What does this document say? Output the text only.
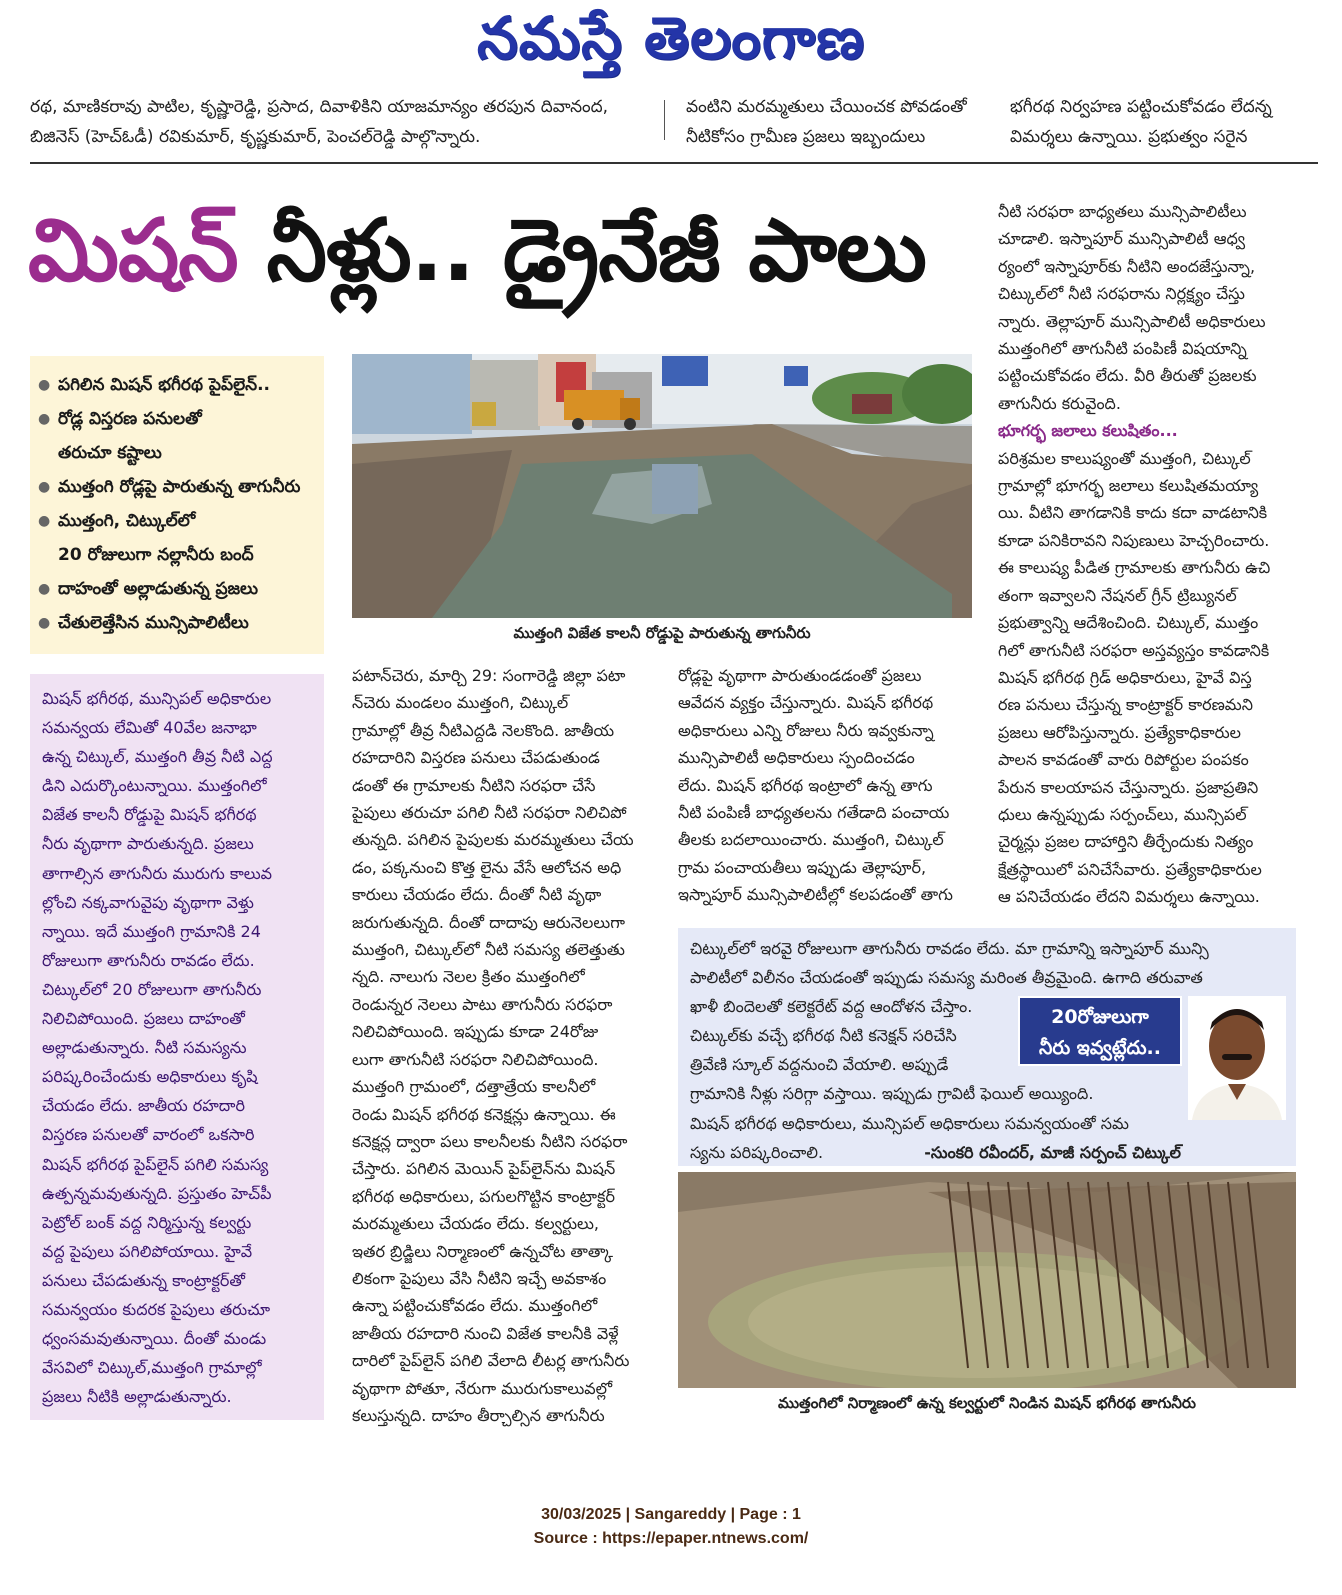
నమస్తే తెలంగాణ
రథ, మాణికరావు పాటిల, కృష్ణారెడ్డి, ప్రసాద, దివాళికిని యాజమాన్యం తరపున దివానంద,
బిజినెస్ (హెచ్ఓడీ) రవికుమార్, కృష్ణకుమార్, పెంచల్‌రెడ్డి పాల్గొన్నారు.
వంటిని మరమ్మతులు చేయించక పోవడంతో
నీటికోసం గ్రామీణ ప్రజలు ఇబ్బందులు
భగీరథ నిర్వహణ పట్టించుకోవడం లేదన్న
విమర్శలు ఉన్నాయి. ప్రభుత్వం సరైన
మిషన్ నీళ్లు.. డ్రైనేజీ పాలు
● పగిలిన మిషన్ భగీరథ పైప్‌లైన్..
● రోడ్ల విస్తరణ పనులతో
తరుచూ కష్టాలు
● ముత్తంగి రోడ్లపై పారుతున్న తాగునీరు
● ముత్తంగి, చిట్కుల్‌లో
20 రోజులుగా నల్లానీరు బంద్
● దాహంతో అల్లాడుతున్న ప్రజలు
● చేతులెత్తేసిన మున్సిపాలిటీలు	ముత్తంగి విజేత కాలనీ రోడ్డుపై పారుతున్న తాగునీరు
మిషన్ భగీరథ, మున్సిపల్ అధికారుల
సమన్వయ లేమితో 40వేల జనాభా
ఉన్న చిట్కుల్, ముత్తంగి తీవ్ర నీటి ఎద్ద
డిని ఎదుర్కొంటున్నాయి. ముత్తంగిలో
విజేత కాలనీ రోడ్డుపై మిషన్ భగీరథ
నీరు వృథాగా పారుతున్నది. ప్రజలు
తాగాల్సిన తాగునీరు మురుగు కాలువ
ల్లోంచి నక్కవాగువైపు వృథాగా వెళ్తు
న్నాయి. ఇదే ముత్తంగి గ్రామానికి 24
రోజులుగా తాగునీరు రావడం లేదు.
చిట్కుల్‌లో 20 రోజులుగా తాగునీరు
నిలిచిపోయింది. ప్రజలు దాహంతో
అల్లాడుతున్నారు. నీటి సమస్యను
పరిష్కరించేందుకు అధికారులు కృషి
చేయడం లేదు. జాతీయ రహదారి
విస్తరణ పనులతో వారంలో ఒకసారి
మిషన్ భగీరథ పైప్‌లైన్ పగిలి సమస్య
ఉత్పన్నమవుతున్నది. ప్రస్తుతం హెచ్‌పీ
పెట్రోల్ బంక్ వద్ద నిర్మిస్తున్న కల్వర్టు
వద్ద పైపులు పగిలిపోయాయి. హైవే
పనులు చేపడుతున్న కాంట్రాక్టర్‌తో
సమన్వయం కుదరక పైపులు తరుచూ
ధ్వంసమవుతున్నాయి. దీంతో మండు
వేసవిలో చిట్కుల్,ముత్తంగి గ్రామాల్లో
ప్రజలు నీటికి అల్లాడుతున్నారు.
పటాన్‌చెరు, మార్చి 29: సంగారెడ్డి జిల్లా పటా
న్‌చెరు మండలం ముత్తంగి, చిట్కుల్
గ్రామాల్లో తీవ్ర నీటిఎద్దడి నెలకొంది. జాతీయ
రహదారిని విస్తరణ పనులు చేపడుతుండ
డంతో ఈ గ్రామాలకు నీటిని సరఫరా చేసే
పైపులు తరుచూ పగిలి నీటి సరఫరా నిలిచిపో
తున్నది. పగిలిన పైపులకు మరమ్మతులు చేయ
డం, పక్కనుంచి కొత్త లైను వేసే ఆలోచన అధి
కారులు చేయడం లేదు. దీంతో నీటి వృథా
జరుగుతున్నది. దీంతో దాదాపు ఆరునెలలుగా
ముత్తంగి, చిట్కుల్‌లో నీటి సమస్య తలెత్తుతు
న్నది. నాలుగు నెలల క్రితం ముత్తంగిలో
రెండున్నర నెలలు పాటు తాగునీరు సరఫరా
నిలిచిపోయింది. ఇప్పుడు కూడా 24రోజు
లుగా తాగునీటి సరఫరా నిలిచిపోయింది.
ముత్తంగి గ్రామంలో, దత్తాత్రేయ కాలనీలో
రెండు మిషన్ భగీరథ కనెక్షన్లు ఉన్నాయి. ఈ
కనెక్షన్ల ద్వారా పలు కాలనీలకు నీటిని సరఫరా
చేస్తారు. పగిలిన మెయిన్ పైప్‌లైన్‌ను మిషన్
భగీరథ అధికారులు, పగులగొట్టిన కాంట్రాక్టర్
మరమ్మతులు చేయడం లేదు. కల్వర్టులు,
ఇతర బ్రిడ్జిలు నిర్మాణంలో ఉన్నచోట తాత్కా
లికంగా పైపులు వేసి నీటిని ఇచ్చే అవకాశం
ఉన్నా పట్టించుకోవడం లేదు. ముత్తంగిలో
జాతీయ రహదారి నుంచి విజేత కాలనీకి వెళ్లే
దారిలో పైప్‌లైన్ పగిలి వేలాది లీటర్ల తాగునీరు
వృథాగా పోతూ, నేరుగా మురుగుకాలువల్లో
కలుస్తున్నది. దాహం తీర్చాల్సిన తాగునీరు
రోడ్లపై వృథాగా పారుతుండడంతో ప్రజలు
ఆవేదన వ్యక్తం చేస్తున్నారు. మిషన్ భగీరథ
అధికారులు ఎన్ని రోజులు నీరు ఇవ్వకున్నా
మున్సిపాలిటీ అధికారులు స్పందించడం
లేదు. మిషన్ భగీరథ ఇంట్రాలో ఉన్న తాగు
నీటి పంపిణీ బాధ్యతలను గతేడాది పంచాయ
తీలకు బదలాయించారు. ముత్తంగి, చిట్కుల్
గ్రామ పంచాయతీలు ఇప్పుడు తెల్లాపూర్,
ఇస్నాపూర్ మున్సిపాలిటీల్లో కలపడంతో తాగు
నీటి సరఫరా బాధ్యతలు మున్సిపాలిటీలు
చూడాలి. ఇస్నాపూర్ మున్సిపాలిటీ ఆధ్వ
ర్యంలో ఇస్నాపూర్‌కు నీటిని అందజేస్తున్నా,
చిట్కుల్‌లో నీటి సరఫరాను నిర్లక్ష్యం చేస్తు
న్నారు. తెల్లాపూర్ మున్సిపాలిటీ అధికారులు
ముత్తంగిలో తాగునీటి పంపిణీ విషయాన్ని
పట్టించుకోవడం లేదు. వీరి తీరుతో ప్రజలకు
తాగునీరు కరువైంది.
భూగర్భ జలాలు కలుషితం...
పరిశ్రమల కాలుష్యంతో ముత్తంగి, చిట్కుల్
గ్రామాల్లో భూగర్భ జలాలు కలుషితమయ్యా
యి. వీటిని తాగడానికి కాదు కదా వాడటానికి
కూడా పనికిరావని నిపుణులు హెచ్చరించారు.
ఈ కాలుష్య పీడిత గ్రామాలకు తాగునీరు ఉచి
తంగా ఇవ్వాలని నేషనల్ గ్రీన్ ట్రిబ్యునల్
ప్రభుత్వాన్ని ఆదేశించింది. చిట్కుల్, ముత్తం
గిలో తాగునీటి సరఫరా అస్తవ్యస్తం కావడానికి
మిషన్ భగీరథ గ్రిడ్ అధికారులు, హైవే విస్త
రణ పనులు చేస్తున్న కాంట్రాక్టర్ కారణమని
ప్రజలు ఆరోపిస్తున్నారు. ప్రత్యేకాధికారుల
పాలన కావడంతో వారు రిపోర్టుల పంపకం
పేరున కాలయాపన చేస్తున్నారు. ప్రజాప్రతిని
ధులు ఉన్నప్పుడు సర్పంచ్‌లు, మున్సిపల్
చైర్మన్లు ప్రజల దాహార్తిని తీర్చేందుకు నిత్యం
క్షేత్రస్థాయిలో పనిచేసేవారు. ప్రత్యేకాధికారుల
ఆ పనిచేయడం లేదని విమర్శలు ఉన్నాయి.
చిట్కుల్‌లో ఇరవై రోజులుగా తాగునీరు రావడం లేదు. మా గ్రామాన్ని ఇస్నాపూర్ మున్సి
పాలిటీలో విలీనం చేయడంతో ఇప్పుడు సమస్య మరింత తీవ్రమైంది. ఉగాది తరువాత
ఖాళీ బిందెలతో కలెక్టరేట్ వద్ద ఆందోళన చేస్తాం.
చిట్కుల్‌కు వచ్చే భగీరథ నీటి కనెక్షన్ సరిచేసి
త్రివేణి స్కూల్ వద్దనుంచి వేయాలి. అప్పుడే
గ్రామానికి నీళ్లు సరిగ్గా వస్తాయి. ఇప్పుడు గ్రావిటీ ఫెయిల్ అయ్యింది.
మిషన్ భగీరథ అధికారులు, మున్సిపల్ అధికారులు సమన్వయంతో సమ
స్యను పరిష్కరించాలి.	-సుంకరి రవీందర్, మాజీ సర్పంచ్ చిట్కుల్
20రోజులుగా
నీరు ఇవ్వట్లేదు..
ముత్తంగిలో నిర్మాణంలో ఉన్న కల్వర్టులో నిండిన మిషన్ భగీరథ తాగునీరు
30/03/2025 | Sangareddy | Page : 1
Source : https://epaper.ntnews.com/
